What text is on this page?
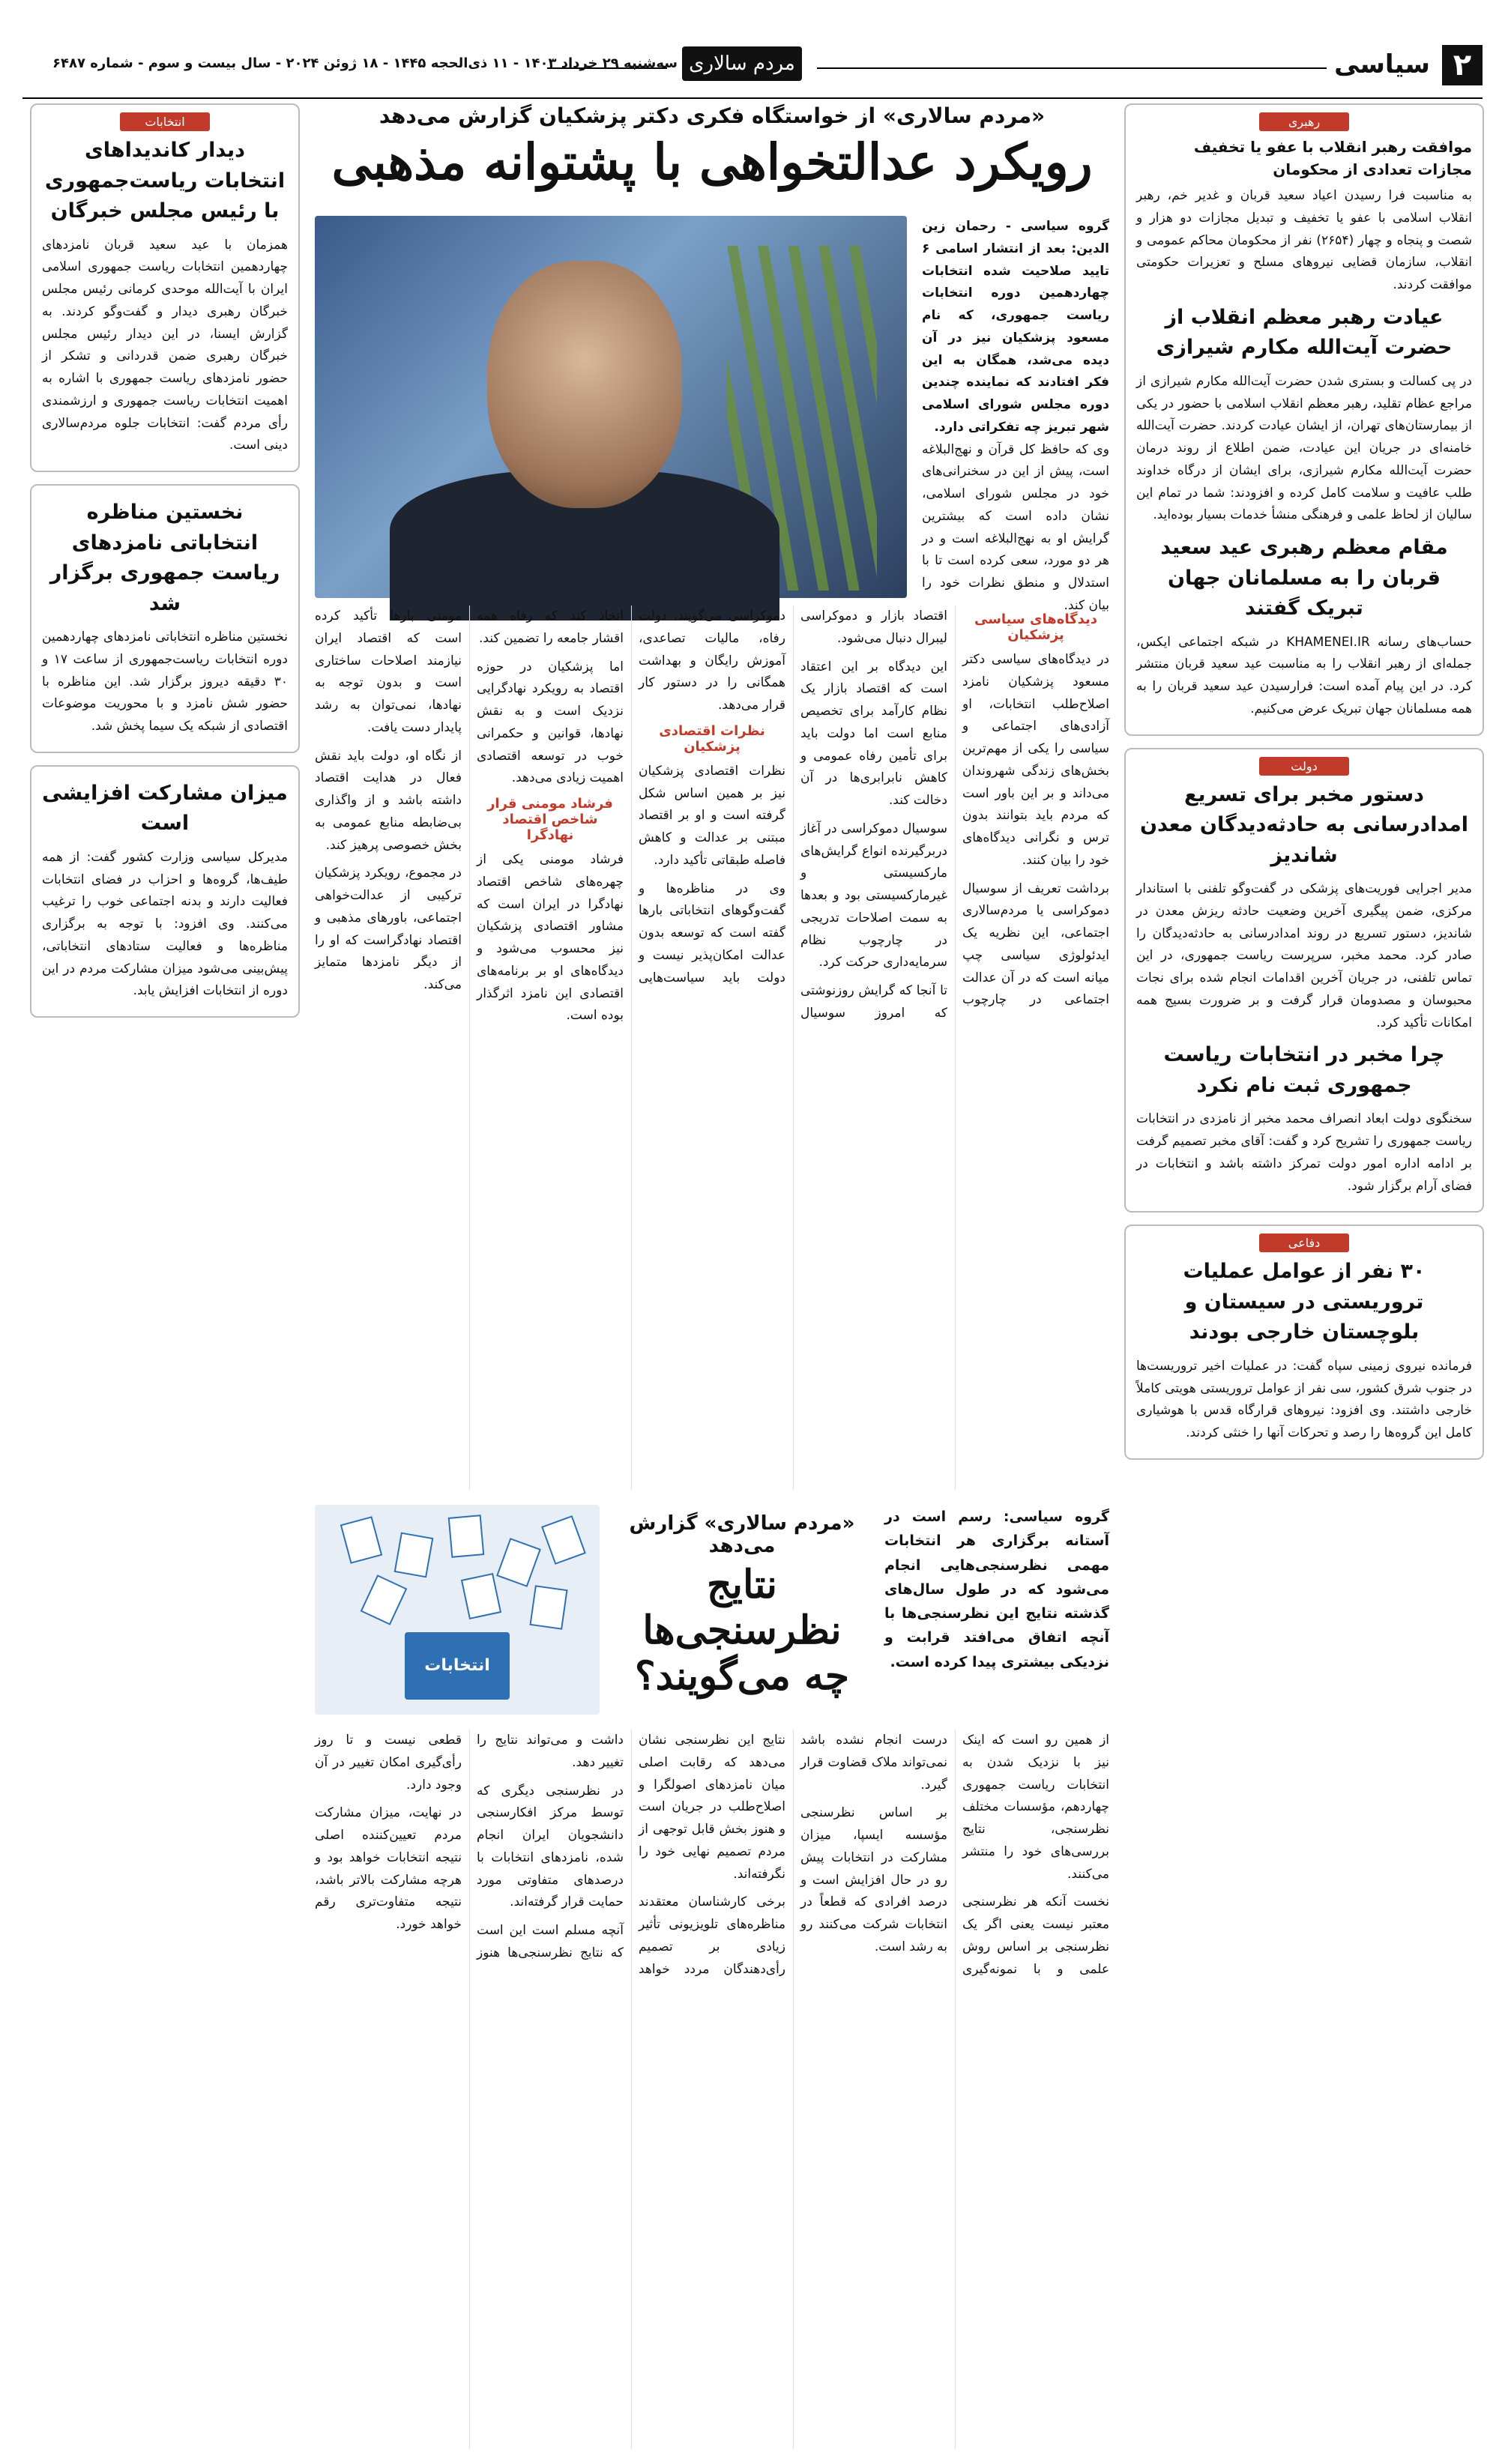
۲
سیاسی
مردم سالاری
سه‌شنبه ۲۹ خرداد ۱۴۰۳ - ۱۱ ذی‌الحجه ۱۴۴۵ - ۱۸ ژوئن ۲۰۲۴ - سال بیست و سوم - شماره ۶۴۸۷
رهبری
موافقت رهبر انقلاب با عفو یا تخفیف مجازات تعدادی از محکومان

به مناسبت فرا رسیدن اعیاد سعید قربان و غدیر خم، رهبر انقلاب اسلامی با عفو یا تخفیف و تبدیل مجازات دو هزار و شصت و پنجاه و چهار (۲۶۵۴) نفر از محکومان محاکم عمومی و انقلاب، سازمان قضایی نیروهای مسلح و تعزیرات حکومتی موافقت کردند.

عیادت رهبر معظم انقلاب از حضرت آیت‌الله مکارم شیرازی

در پی کسالت و بستری شدن حضرت آیت‌الله مکارم شیرازی از مراجع عظام تقلید، رهبر معظم انقلاب اسلامی با حضور در یکی از بیمارستان‌های تهران، از ایشان عیادت کردند. حضرت آیت‌الله خامنه‌ای در جریان این عیادت، ضمن اطلاع از روند درمان حضرت آیت‌الله مکارم شیرازی، برای ایشان از درگاه خداوند طلب عافیت و سلامت کامل کرده و افزودند: شما در تمام این سالیان از لحاظ علمی و فرهنگی منشأ خدمات بسیار بوده‌اید.

مقام معظم رهبری عید سعید قربان را به مسلمانان جهان تبریک گفتند

حساب‌های رسانه KHAMENEI.IR در شبکه اجتماعی ایکس، جمله‌ای از رهبر انقلاب را به مناسبت عید سعید قربان منتشر کرد. در این پیام آمده است: فرارسیدن عید سعید قربان را به همه مسلمانان جهان تبریک عرض می‌کنیم.

دولت
دستور مخبر برای تسریع امدادرسانی به حادثه‌دیدگان معدن شاندیز

مدیر اجرایی فوریت‌های پزشکی در گفت‌وگو تلفنی با استاندار مرکزی، ضمن پیگیری آخرین وضعیت حادثه ریزش معدن در شاندیز، دستور تسریع در روند امدادرسانی به حادثه‌دیدگان را صادر کرد. محمد مخبر، سرپرست ریاست جمهوری، در این تماس تلفنی، در جریان آخرین اقدامات انجام شده برای نجات محبوسان و مصدومان قرار گرفت و بر ضرورت بسیج همه امکانات تأکید کرد.

چرا مخبر در انتخابات ریاست جمهوری ثبت نام نکرد

سخنگوی دولت ابعاد انصراف محمد مخبر از نامزدی در انتخابات ریاست جمهوری را تشریح کرد و گفت: آقای مخبر تصمیم گرفت بر ادامه اداره امور دولت تمرکز داشته باشد و انتخابات در فضای آرام برگزار شود.

دفاعی
۳۰ نفر از عوامل عملیات تروریستی در سیستان و بلوچستان خارجی بودند

فرمانده نیروی زمینی سپاه گفت: در عملیات اخیر تروریست‌ها در جنوب شرق کشور، سی نفر از عوامل تروریستی هویتی کاملاً خارجی داشتند. وی افزود: نیروهای قرارگاه قدس با هوشیاری کامل این گروه‌ها را رصد و تحرکات آنها را خنثی کردند.

«مردم سالاری» از خواستگاه فکری دکتر پزشکیان گزارش می‌دهد
رویکرد عدالتخواهی با پشتوانه مذهبی

گروه سیاسی - رحمان زین الدین: بعد از انتشار اسامی ۶ تایید صلاحیت شده انتخابات چهاردهمین دوره انتخابات ریاست جمهوری، که نام مسعود پزشکیان نیز در آن دیده می‌شد، همگان به این فکر افتادند که نماینده چندین دوره مجلس شورای اسلامی شهر تبریز چه تفکراتی دارد.

وی که حافظ کل قرآن و نهج‌البلاغه است، پیش از این در سخنرانی‌های خود در مجلس شورای اسلامی، نشان داده است که بیشترین گرایش او به نهج‌البلاغه است و در هر دو مورد، سعی کرده است تا با استدلال و منطق نظرات خود را بیان کند.

دیدگاه‌های سیاسی پزشکیان

در دیدگاه‌های سیاسی دکتر مسعود پزشکیان نامزد اصلاح‌طلب انتخابات، او آزادی‌های اجتماعی و سیاسی را یکی از مهم‌ترین بخش‌های زندگی شهروندان می‌داند و بر این باور است که مردم باید بتوانند بدون ترس و نگرانی دیدگاه‌های خود را بیان کنند.

برداشت تعریف از سوسیال دموکراسی یا مردم‌سالاری اجتماعی، این نظریه یک ایدئولوژی سیاسی چپ میانه است که در آن عدالت اجتماعی در چارچوب اقتصاد بازار و دموکراسی لیبرال دنبال می‌شود.

این دیدگاه بر این اعتقاد است که اقتصاد بازار یک نظام کارآمد برای تخصیص منابع است اما دولت باید برای تأمین رفاه عمومی و کاهش نابرابری‌ها در آن دخالت کند.

سوسیال دموکراسی در آغاز دربرگیرنده انواع گرایش‌های مارکسیستی و غیرمارکسیستی بود و بعدها به سمت اصلاحات تدریجی در چارچوب نظام سرمایه‌داری حرکت کرد.

تا آنجا که گرایش روزنوشتی که امروز سوسیال دموکراسی می‌گویند، دولت رفاه، مالیات تصاعدی، آموزش رایگان و بهداشت همگانی را در دستور کار قرار می‌دهد.

نظرات اقتصادی پزشکیان

نظرات اقتصادی پزشکیان نیز بر همین اساس شکل گرفته است و او بر اقتصاد مبتنی بر عدالت و کاهش فاصله طبقاتی تأکید دارد.

وی در مناظره‌ها و گفت‌وگوهای انتخاباتی بارها گفته است که توسعه بدون عدالت امکان‌پذیر نیست و دولت باید سیاست‌هایی اتخاذ کند که رفاه همه اقشار جامعه را تضمین کند.

اما پزشکیان در حوزه اقتصاد به رویکرد نهادگرایی نزدیک است و به نقش نهادها، قوانین و حکمرانی خوب در توسعه اقتصادی اهمیت زیادی می‌دهد.

فرشاد مومنی قرار شاخص اقتصاد نهادگرا

فرشاد مومنی یکی از چهره‌های شاخص اقتصاد نهادگرا در ایران است که مشاور اقتصادی پزشکیان نیز محسوب می‌شود و دیدگاه‌های او بر برنامه‌های اقتصادی این نامزد اثرگذار بوده است.

مومنی بارها تأکید کرده است که اقتصاد ایران نیازمند اصلاحات ساختاری است و بدون توجه به نهادها، نمی‌توان به رشد پایدار دست یافت.

از نگاه او، دولت باید نقش فعال در هدایت اقتصاد داشته باشد و از واگذاری بی‌ضابطه منابع عمومی به بخش خصوصی پرهیز کند.

در مجموع، رویکرد پزشکیان ترکیبی از عدالت‌خواهی اجتماعی، باورهای مذهبی و اقتصاد نهادگراست که او را از دیگر نامزدها متمایز می‌کند.

گروه سیاسی: رسم است در آستانه برگزاری هر انتخابات مهمی نظرسنجی‌هایی انجام می‌شود که در طول سال‌های گذشته نتایج این نظرسنجی‌ها با آنچه اتفاق می‌افتد قرابت و نزدیکی بیشتری پیدا کرده است.

«مردم سالاری» گزارش می‌دهد
نتایج نظرسنجی‌ها چه می‌گویند؟
انتخابات

از همین رو است که اینک نیز با نزدیک شدن به انتخابات ریاست جمهوری چهاردهم، مؤسسات مختلف نظرسنجی، نتایج بررسی‌های خود را منتشر می‌کنند.

نخست آنکه هر نظرسنجی معتبر نیست یعنی اگر یک نظرسنجی بر اساس روش علمی و با نمونه‌گیری درست انجام نشده باشد نمی‌تواند ملاک قضاوت قرار گیرد.

بر اساس نظرسنجی مؤسسه ایسپا، میزان مشارکت در انتخابات پیش رو در حال افزایش است و درصد افرادی که قطعاً در انتخابات شرکت می‌کنند رو به رشد است.

نتایج این نظرسنجی نشان می‌دهد که رقابت اصلی میان نامزدهای اصولگرا و اصلاح‌طلب در جریان است و هنوز بخش قابل توجهی از مردم تصمیم نهایی خود را نگرفته‌اند.

برخی کارشناسان معتقدند مناظره‌های تلویزیونی تأثیر زیادی بر تصمیم رأی‌دهندگان مردد خواهد داشت و می‌تواند نتایج را تغییر دهد.

در نظرسنجی دیگری که توسط مرکز افکارسنجی دانشجویان ایران انجام شده، نامزدهای انتخابات با درصدهای متفاوتی مورد حمایت قرار گرفته‌اند.

آنچه مسلم است این است که نتایج نظرسنجی‌ها هنوز قطعی نیست و تا روز رأی‌گیری امکان تغییر در آن وجود دارد.

در نهایت، میزان مشارکت مردم تعیین‌کننده اصلی نتیجه انتخابات خواهد بود و هرچه مشارکت بالاتر باشد، نتیجه متفاوت‌تری رقم خواهد خورد.

انتخابات
دیدار کاندیداهای انتخابات ریاست‌جمهوری با رئیس مجلس خبرگان

همزمان با عید سعید قربان نامزدهای چهاردهمین انتخابات ریاست جمهوری اسلامی ایران با آیت‌الله موحدی کرمانی رئیس مجلس خبرگان رهبری دیدار و گفت‌وگو کردند. به گزارش ایسنا، در این دیدار رئیس مجلس خبرگان رهبری ضمن قدردانی و تشکر از حضور نامزدهای ریاست جمهوری با اشاره به اهمیت انتخابات ریاست جمهوری و ارزشمندی رأی مردم گفت: انتخابات جلوه مردم‌سالاری دینی است.

نخستین مناظره انتخاباتی نامزدهای ریاست جمهوری برگزار شد

نخستین مناظره انتخاباتی نامزدهای چهاردهمین دوره انتخابات ریاست‌جمهوری از ساعت ۱۷ و ۳۰ دقیقه دیروز برگزار شد. این مناظره با حضور شش نامزد و با محوریت موضوعات اقتصادی از شبکه یک سیما پخش شد.

میزان مشارکت افزایشی است

مدیرکل سیاسی وزارت کشور گفت: از همه طیف‌ها، گروه‌ها و احزاب در فضای انتخابات فعالیت دارند و بدنه اجتماعی خوب را ترغیب می‌کنند. وی افزود: با توجه به برگزاری مناظره‌ها و فعالیت ستادهای انتخاباتی، پیش‌بینی می‌شود میزان مشارکت مردم در این دوره از انتخابات افزایش یابد.
